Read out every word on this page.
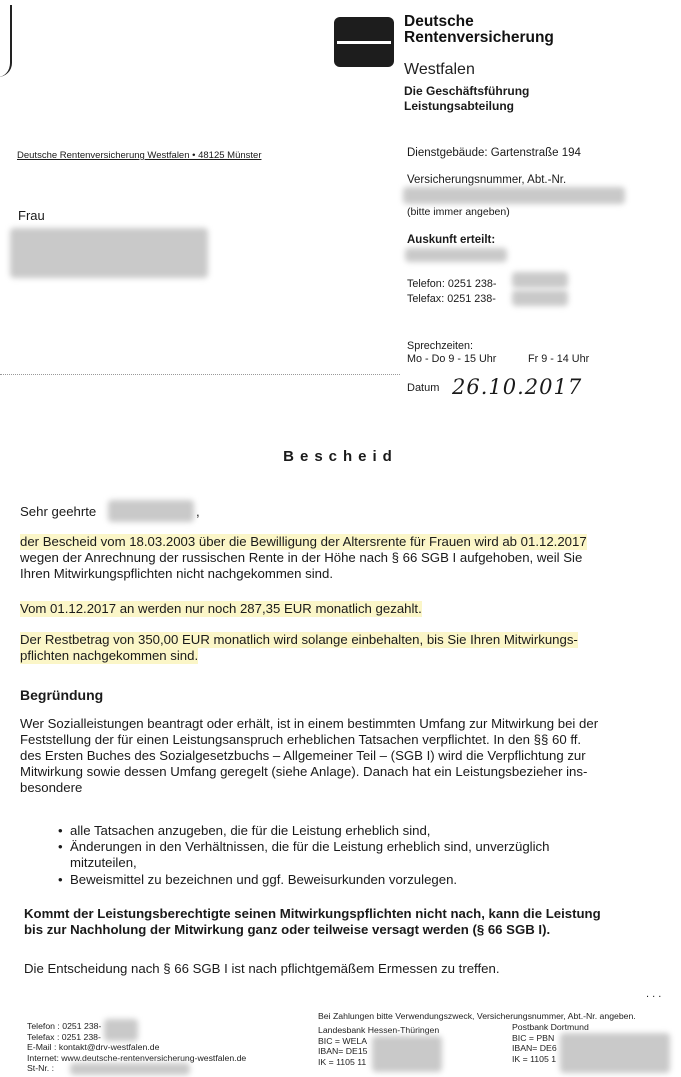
Deutsche
Rentenversicherung
Westfalen
Die Geschäftsführung
Leistungsabteilung
Deutsche Rentenversicherung Westfalen • 48125 Münster
Frau
Dienstgebäude: Gartenstraße 194
Versicherungsnummer, Abt.-Nr.
(bitte immer angeben)
Auskunft erteilt:
Telefon: 0251 238-
Telefax: 0251 238-
Sprechzeiten:
Mo - Do 9 - 15 Uhr	Fr 9 - 14 Uhr
Datum 26.10.2017
Bescheid
Sehr geehrte	,
der Bescheid vom 18.03.2003 über die Bewilligung der Altersrente für Frauen wird ab 01.12.2017
wegen der Anrechnung der russischen Rente in der Höhe nach § 66 SGB I aufgehoben, weil Sie
Ihren Mitwirkungspflichten nicht nachgekommen sind.
Vom 01.12.2017 an werden nur noch 287,35 EUR monatlich gezahlt.
Der Restbetrag von 350,00 EUR monatlich wird solange einbehalten, bis Sie Ihren Mitwirkungs-
pflichten nachgekommen sind.
Begründung
Wer Sozialleistungen beantragt oder erhält, ist in einem bestimmten Umfang zur Mitwirkung bei der
Feststellung der für einen Leistungsanspruch erheblichen Tatsachen verpflichtet. In den §§ 60 ff.
des Ersten Buches des Sozialgesetzbuchs – Allgemeiner Teil – (SGB I) wird die Verpflichtung zur
Mitwirkung sowie dessen Umfang geregelt (siehe Anlage). Danach hat ein Leistungsbezieher ins-
besondere
• alle Tatsachen anzugeben, die für die Leistung erheblich sind,
• Änderungen in den Verhältnissen, die für die Leistung erheblich sind, unverzüglich
mitzuteilen,
• Beweismittel zu bezeichnen und ggf. Beweisurkunden vorzulegen.
Kommt der Leistungsberechtigte seinen Mitwirkungspflichten nicht nach, kann die Leistung
bis zur Nachholung der Mitwirkung ganz oder teilweise versagt werden (§ 66 SGB I).
Die Entscheidung nach § 66 SGB I ist nach pflichtgemäßem Ermessen zu treffen.
. . .
Telefon : 0251 238-
Telefax : 0251 238-
E-Mail : kontakt@drv-westfalen.de
Internet: www.deutsche-rentenversicherung-westfalen.de
St-Nr. :
Bei Zahlungen bitte Verwendungszweck, Versicherungsnummer, Abt.-Nr. angeben.
Landesbank Hessen-Thüringen
BIC = WELA
IBAN= DE15
IK = 1105 11
Postbank Dortmund
BIC = PBN
IBAN= DE6
IK = 1105 1
